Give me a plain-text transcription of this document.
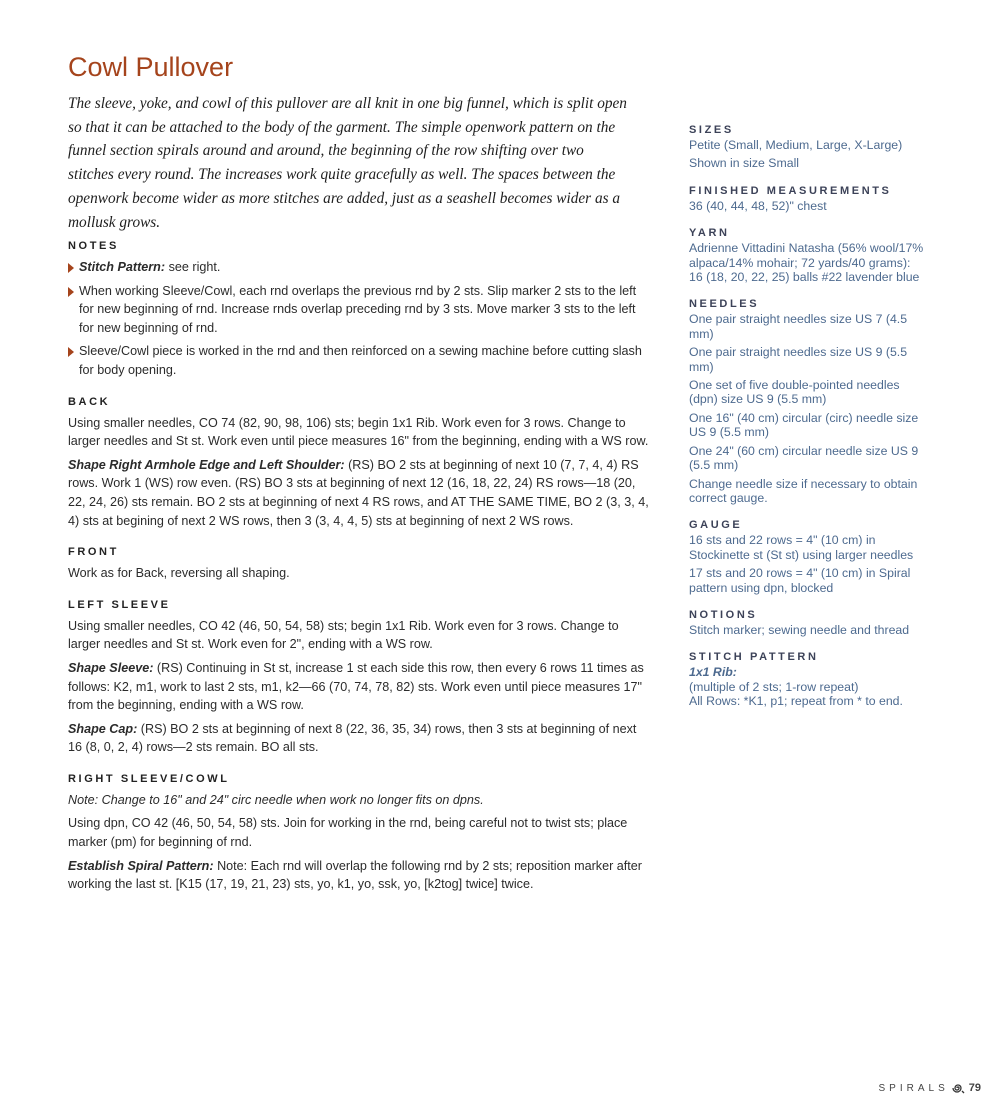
Cowl Pullover

The sleeve, yoke, and cowl of this pullover are all knit in one big funnel, which is split open so that it can be attached to the body of the garment. The simple openwork pattern on the funnel section spirals around and around, the beginning of the row shifting over two stitches every round. The increases work quite gracefully as well. The spaces between the openwork become wider as more stitches are added, just as a seashell becomes wider as a mollusk grows.

NOTES

Stitch Pattern: see right.

When working Sleeve/Cowl, each rnd overlaps the previous rnd by 2 sts. Slip marker 2 sts to the left for new beginning of rnd. Increase rnds overlap preceding rnd by 3 sts. Move marker 3 sts to the left for new beginning of rnd.

Sleeve/Cowl piece is worked in the rnd and then reinforced on a sewing machine before cutting slash for body opening.

BACK

Using smaller needles, CO 74 (82, 90, 98, 106) sts; begin 1x1 Rib. Work even for 3 rows. Change to larger needles and St st. Work even until piece measures 16" from the beginning, ending with a WS row.

Shape Right Armhole Edge and Left Shoulder: (RS) BO 2 sts at beginning of next 10 (7, 7, 4, 4) RS rows. Work 1 (WS) row even. (RS) BO 3 sts at beginning of next 12 (16, 18, 22, 24) RS rows—18 (20, 22, 24, 26) sts remain. BO 2 sts at beginning of next 4 RS rows, and AT THE SAME TIME, BO 2 (3, 3, 4, 4) sts at begining of next 2 WS rows, then 3 (3, 4, 4, 5) sts at beginning of next 2 WS rows.

FRONT

Work as for Back, reversing all shaping.

LEFT SLEEVE

Using smaller needles, CO 42 (46, 50, 54, 58) sts; begin 1x1 Rib. Work even for 3 rows. Change to larger needles and St st. Work even for 2", ending with a WS row.

Shape Sleeve: (RS) Continuing in St st, increase 1 st each side this row, then every 6 rows 11 times as follows: K2, m1, work to last 2 sts, m1, k2—66 (70, 74, 78, 82) sts. Work even until piece measures 17" from the beginning, ending with a WS row.

Shape Cap: (RS) BO 2 sts at beginning of next 8 (22, 36, 35, 34) rows, then 3 sts at beginning of next 16 (8, 0, 2, 4) rows—2 sts remain. BO all sts.

RIGHT SLEEVE/COWL

Note: Change to 16" and 24" circ needle when work no longer fits on dpns.

Using dpn, CO 42 (46, 50, 54, 58) sts. Join for working in the rnd, being careful not to twist sts; place marker (pm) for beginning of rnd.

Establish Spiral Pattern: Note: Each rnd will overlap the following rnd by 2 sts; reposition marker after working the last st. [K15 (17, 19, 21, 23) sts, yo, k1, yo, ssk, yo, [k2tog] twice] twice.

SIZES

Petite (Small, Medium, Large, X-Large)

Shown in size Small

FINISHED MEASUREMENTS

36 (40, 44, 48, 52)" chest

YARN

Adrienne Vittadini Natasha (56% wool/17% alpaca/14% mohair; 72 yards/40 grams): 16 (18, 20, 22, 25) balls #22 lavender blue

NEEDLES

One pair straight needles size US 7 (4.5 mm)

One pair straight needles size US 9 (5.5 mm)

One set of five double-pointed needles (dpn) size US 9 (5.5 mm)

One 16" (40 cm) circular (circ) needle size US 9 (5.5 mm)

One 24" (60 cm) circular needle size US 9 (5.5 mm)

Change needle size if necessary to obtain correct gauge.

GAUGE

16 sts and 22 rows = 4" (10 cm) in Stockinette st (St st) using larger needles

17 sts and 20 rows = 4" (10 cm) in Spiral pattern using dpn, blocked

NOTIONS

Stitch marker; sewing needle and thread

STITCH PATTERN

1x1 Rib:
(multiple of 2 sts; 1-row repeat)
All Rows: *K1, p1; repeat from * to end.

SPIRALS 79
